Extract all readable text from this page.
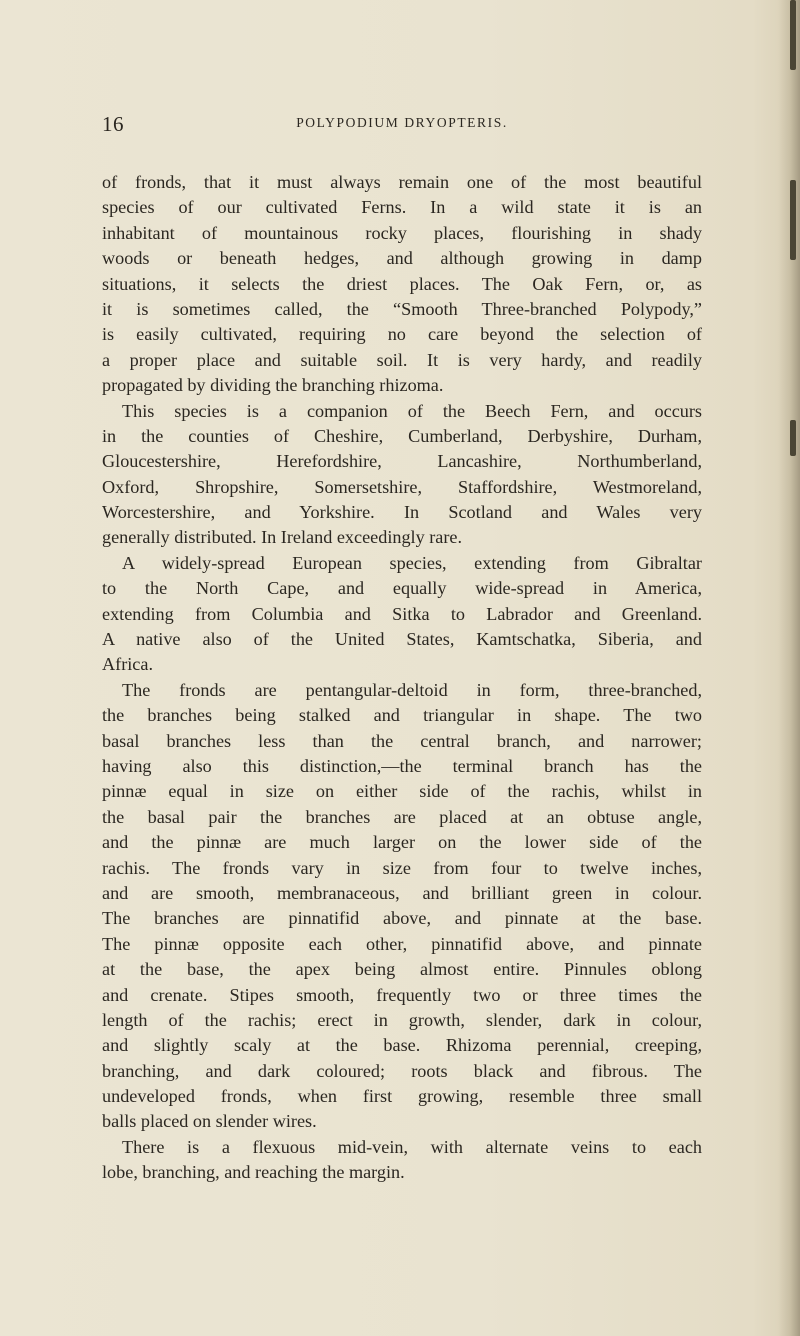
16	POLYPODIUM DRYOPTERIS.
of fronds, that it must always remain one of the most beautiful
species of our cultivated Ferns. In a wild state it is an
inhabitant of mountainous rocky places, flourishing in shady
woods or beneath hedges, and although growing in damp
situations, it selects the driest places. The Oak Fern, or, as
it is sometimes called, the “Smooth Three-branched Polypody,”
is easily cultivated, requiring no care beyond the selection of
a proper place and suitable soil. It is very hardy, and readily
propagated by dividing the branching rhizoma.
This species is a companion of the Beech Fern, and occurs
in the counties of Cheshire, Cumberland, Derbyshire, Durham,
Gloucestershire, Herefordshire, Lancashire, Northumberland,
Oxford, Shropshire, Somersetshire, Staffordshire, Westmoreland,
Worcestershire, and Yorkshire. In Scotland and Wales very
generally distributed. In Ireland exceedingly rare.
A widely-spread European species, extending from Gibraltar
to the North Cape, and equally wide-spread in America,
extending from Columbia and Sitka to Labrador and Greenland.
A native also of the United States, Kamtschatka, Siberia, and
Africa.
The fronds are pentangular-deltoid in form, three-branched,
the branches being stalked and triangular in shape. The two
basal branches less than the central branch, and narrower;
having also this distinction,—the terminal branch has the
pinnæ equal in size on either side of the rachis, whilst in
the basal pair the branches are placed at an obtuse angle,
and the pinnæ are much larger on the lower side of the
rachis. The fronds vary in size from four to twelve inches,
and are smooth, membranaceous, and brilliant green in colour.
The branches are pinnatifid above, and pinnate at the base.
The pinnæ opposite each other, pinnatifid above, and pinnate
at the base, the apex being almost entire. Pinnules oblong
and crenate. Stipes smooth, frequently two or three times the
length of the rachis; erect in growth, slender, dark in colour,
and slightly scaly at the base. Rhizoma perennial, creeping,
branching, and dark coloured; roots black and fibrous. The
undeveloped fronds, when first growing, resemble three small
balls placed on slender wires.
There is a flexuous mid-vein, with alternate veins to each
lobe, branching, and reaching the margin.
